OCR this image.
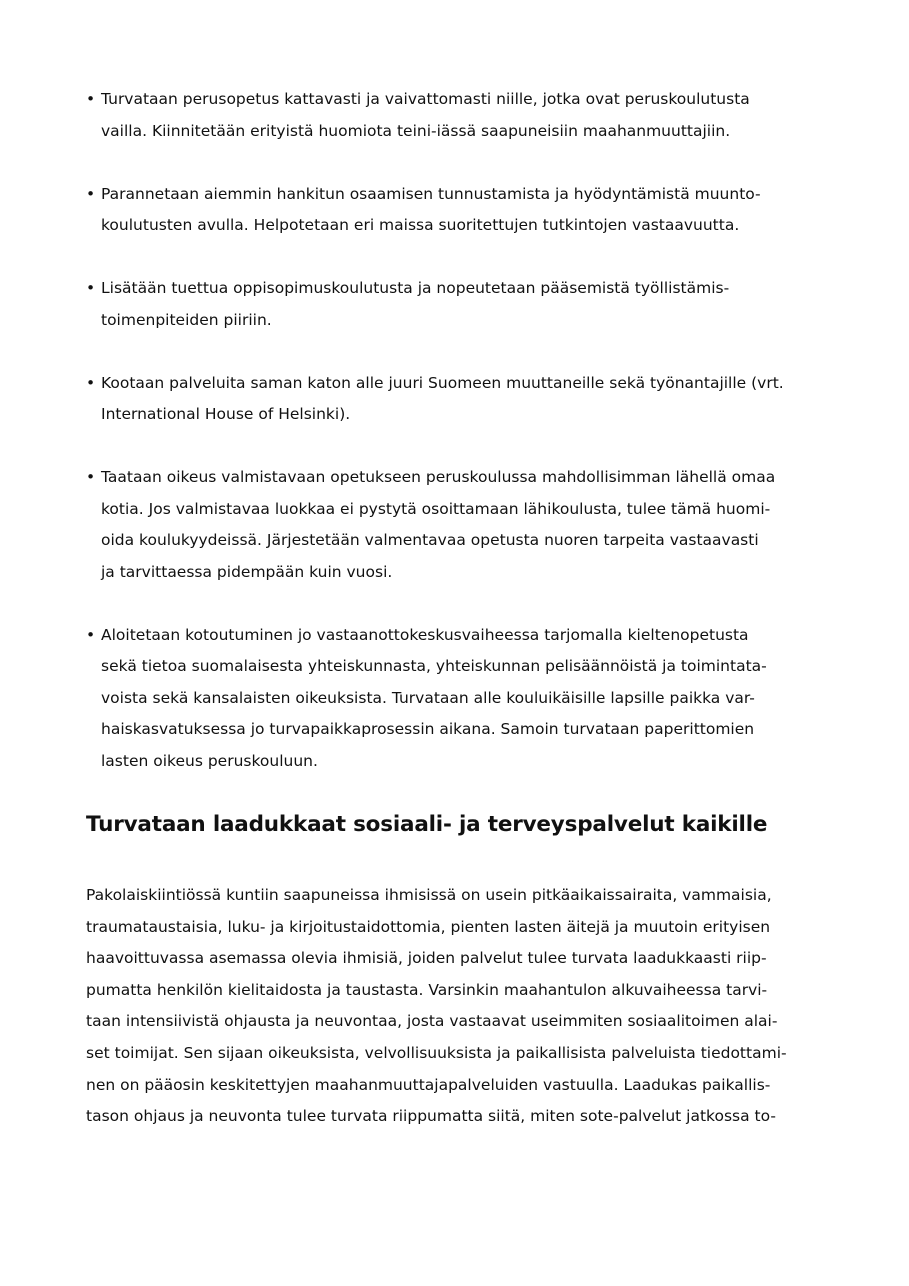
• Turvataan perusopetus kattavasti ja vaivattomasti niille, jotka ovat peruskoulutusta
vailla. Kiinnitetään erityistä huomiota teini-iässä saapuneisiin maahanmuuttajiin.
• Parannetaan aiemmin hankitun osaamisen tunnustamista ja hyödyntämistä muunto-
koulutusten avulla. Helpotetaan eri maissa suoritettujen tutkintojen vastaavuutta.
• Lisätään tuettua oppisopimuskoulutusta ja nopeutetaan pääsemistä työllistämis-
toimenpiteiden piiriin.
• Kootaan palveluita saman katon alle juuri Suomeen muuttaneille sekä työnantajille (vrt.
International House of Helsinki).
• Taataan oikeus valmistavaan opetukseen peruskoulussa mahdollisimman lähellä omaa
kotia. Jos valmistavaa luokkaa ei pystytä osoittamaan lähikoulusta, tulee tämä huomi-
oida koulukyydeissä. Järjestetään valmentavaa opetusta nuoren tarpeita vastaavasti
ja tarvittaessa pidempään kuin vuosi.
• Aloitetaan kotoutuminen jo vastaanottokeskusvaiheessa tarjomalla kieltenopetusta
sekä tietoa suomalaisesta yhteiskunnasta, yhteiskunnan pelisäännöistä ja toimintata-
voista sekä kansalaisten oikeuksista. Turvataan alle kouluikäisille lapsille paikka var-
haiskasvatuksessa jo turvapaikkaprosessin aikana. Samoin turvataan paperittomien
lasten oikeus peruskouluun.
Turvataan laadukkaat sosiaali- ja terveyspalvelut kaikille

Pakolaiskiintiössä kuntiin saapuneissa ihmisissä on usein pitkäaikaissairaita, vammaisia,
traumataustaisia, luku- ja kirjoitustaidottomia, pienten lasten äitejä ja muutoin erityisen
haavoittuvassa asemassa olevia ihmisiä, joiden palvelut tulee turvata laadukkaasti riip-
pumatta henkilön kielitaidosta ja taustasta. Varsinkin maahantulon alkuvaiheessa tarvi-
taan intensiivistä ohjausta ja neuvontaa, josta vastaavat useimmiten sosiaalitoimen alai-
set toimijat. Sen sijaan oikeuksista, velvollisuuksista ja paikallisista palveluista tiedottami-
nen on pääosin keskitettyjen maahanmuuttajapalveluiden vastuulla. Laadukas paikallis-
tason ohjaus ja neuvonta tulee turvata riippumatta siitä, miten sote-palvelut jatkossa to-
